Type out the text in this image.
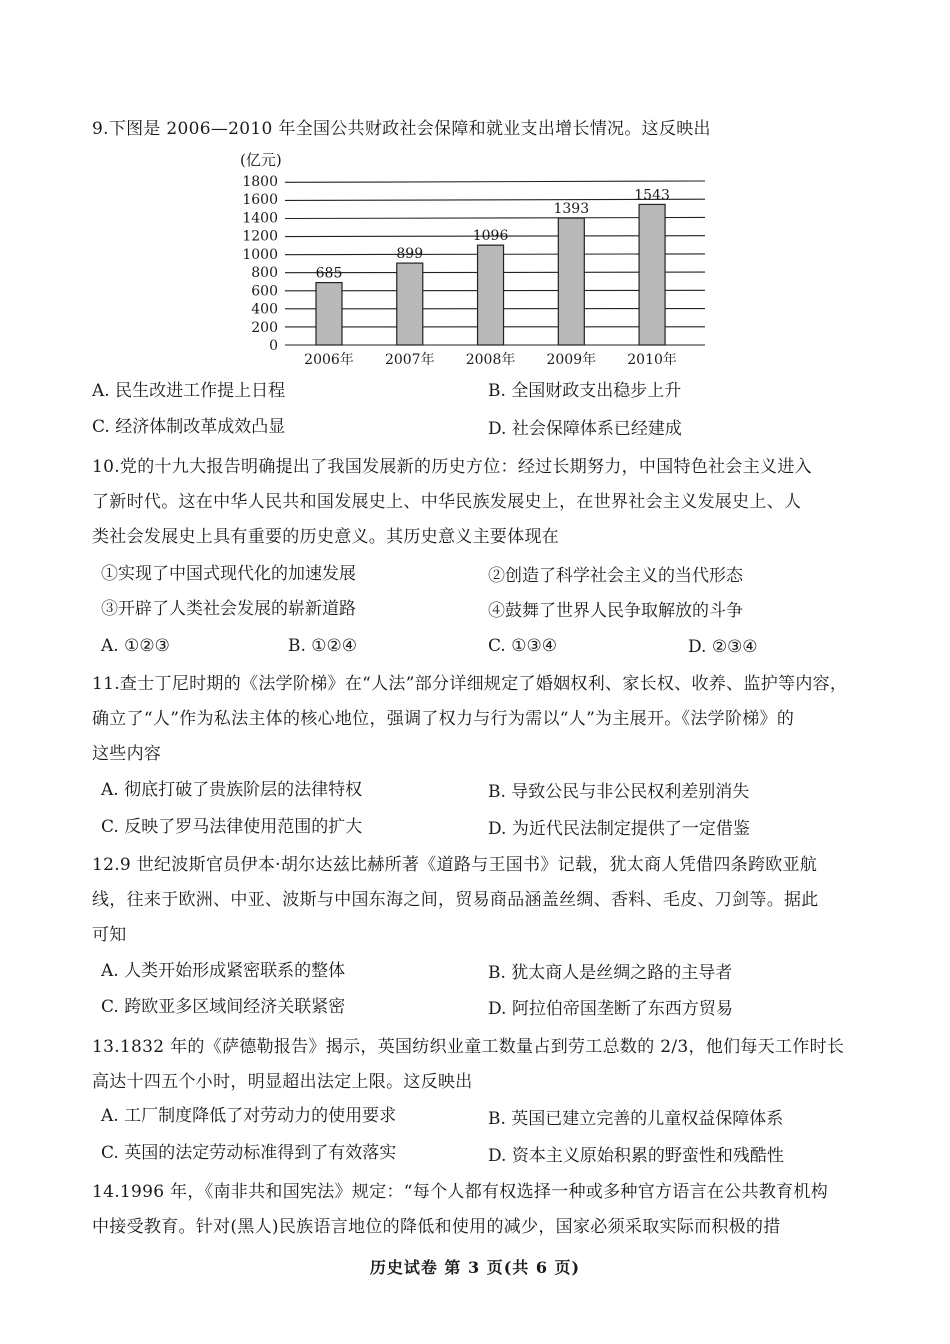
9.下图是 2006—2010 年全国公共财政社会保障和就业支出增长情况。这反映出

(亿元)
0
200
400
600
800
1000
1200
1400
1600
1800
685
899
1096
1393
1543
2006年 2007年 2008年 2009年 2010年
A. 民生改进工作提上日程	B. 全国财政支出稳步上升
C. 经济体制改革成效凸显	D. 社会保障体系已经建成

10.党的十九大报告明确提出了我国发展新的历史方位：经过长期努力，中国特色社会主义进入

了新时代。这在中华人民共和国发展史上、中华民族发展史上，在世界社会主义发展史上、人

类社会发展史上具有重要的历史意义。其历史意义主要体现在

①实现了中国式现代化的加速发展	②创造了科学社会主义的当代形态
③开辟了人类社会发展的崭新道路	④鼓舞了世界人民争取解放的斗争
A. ①②③	B. ①②④	C. ①③④	D. ②③④

11.查士丁尼时期的《法学阶梯》在“人法”部分详细规定了婚姻权利、家长权、收养、监护等内容，

确立了“人”作为私法主体的核心地位，强调了权力与行为需以“人”为主展开。《法学阶梯》的

这些内容

A. 彻底打破了贵族阶层的法律特权	B. 导致公民与非公民权利差别消失
C. 反映了罗马法律使用范围的扩大	D. 为近代民法制定提供了一定借鉴

12.9 世纪波斯官员伊本·胡尔达兹比赫所著《道路与王国书》记载，犹太商人凭借四条跨欧亚航

线，往来于欧洲、中亚、波斯与中国东海之间，贸易商品涵盖丝绸、香料、毛皮、刀剑等。据此

可知

A. 人类开始形成紧密联系的整体	B. 犹太商人是丝绸之路的主导者
C. 跨欧亚多区域间经济关联紧密	D. 阿拉伯帝国垄断了东西方贸易

13.1832 年的《萨德勒报告》揭示，英国纺织业童工数量占到劳工总数的 2/3，他们每天工作时长

高达十四五个小时，明显超出法定上限。这反映出

A. 工厂制度降低了对劳动力的使用要求	B. 英国已建立完善的儿童权益保障体系
C. 英国的法定劳动标准得到了有效落实	D. 资本主义原始积累的野蛮性和残酷性

14.1996 年，《南非共和国宪法》规定：“每个人都有权选择一种或多种官方语言在公共教育机构

中接受教育。针对(黑人)民族语言地位的降低和使用的减少，国家必须采取实际而积极的措

历史试卷 第 3 页(共 6 页)
